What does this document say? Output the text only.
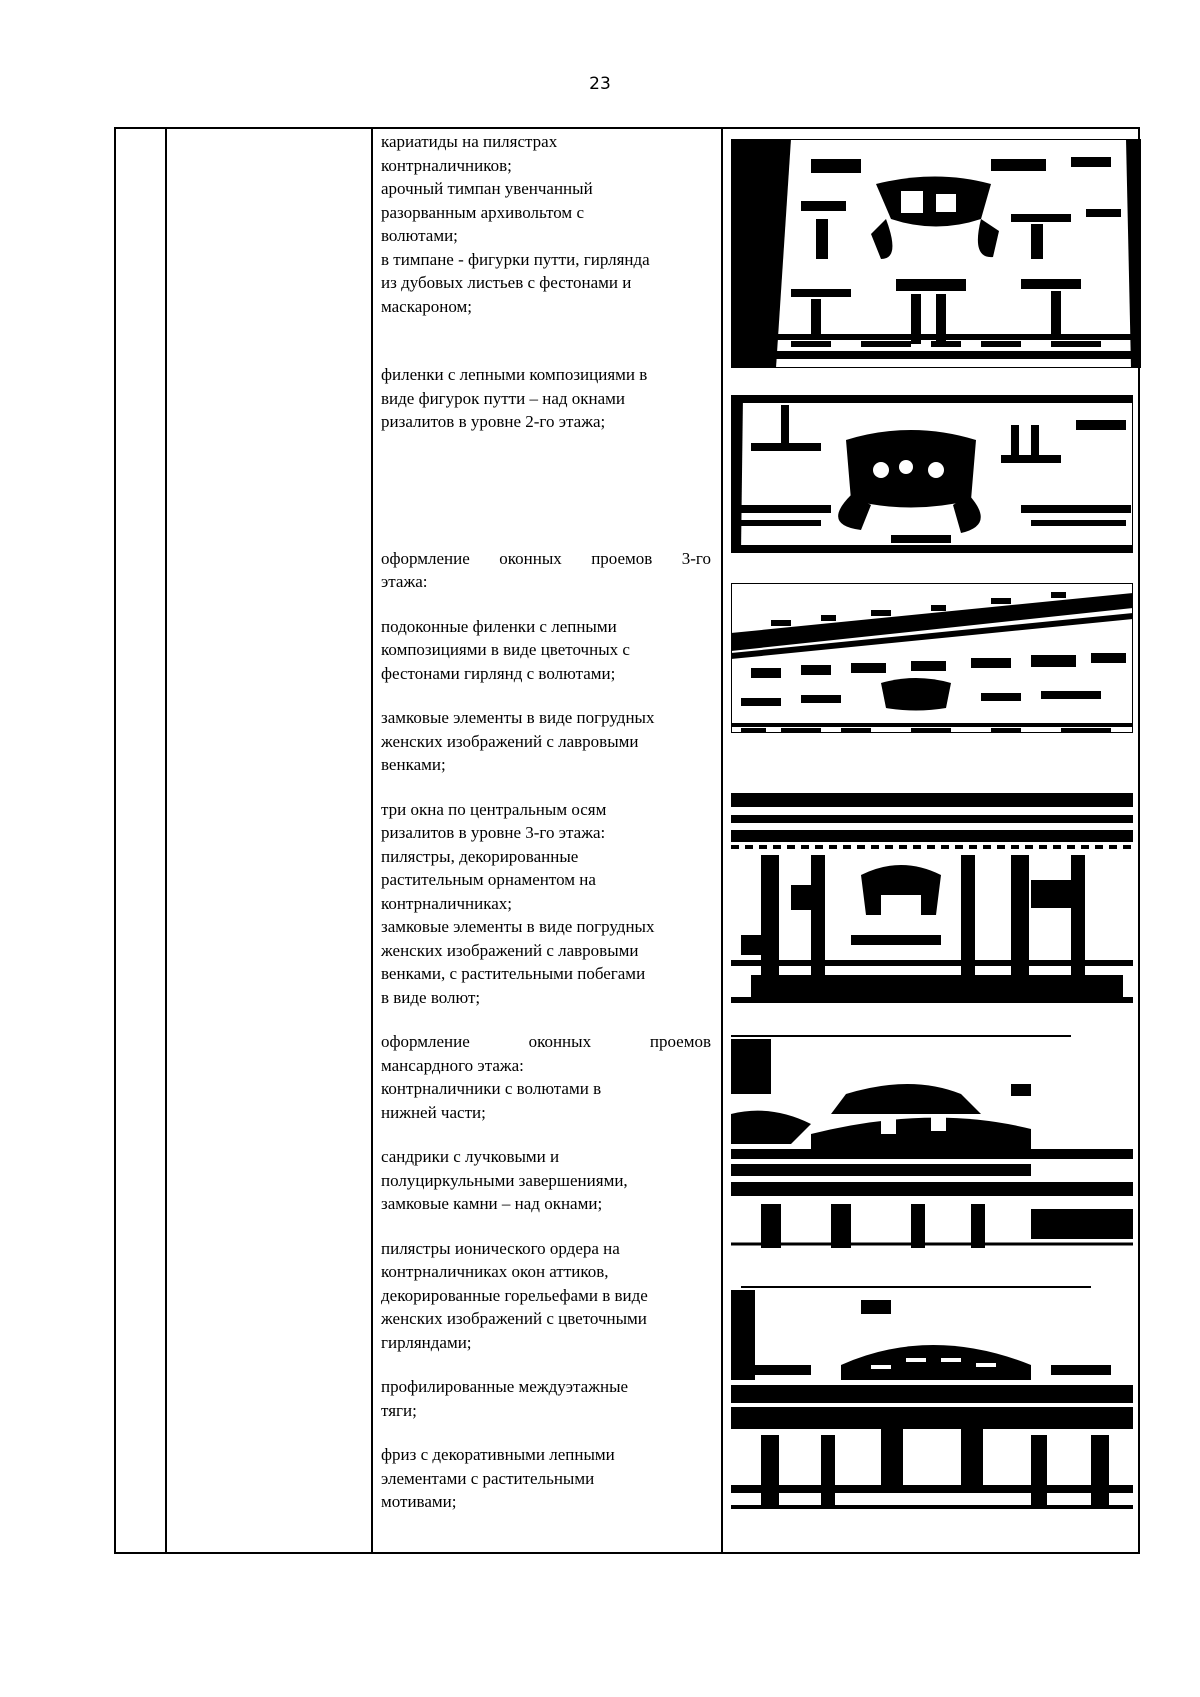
23

кариатиды на пилястрах
контрналичников;
арочный тимпан увенчанный
разорванным архивольтом с
волютами;
в тимпане - фигурки путти, гирлянда
из дубовых листьев с фестонами и
маскароном;

филенки с лепными композициями в
виде фигурок путти – над окнами
ризалитов в уровне 2-го этажа;

оформление оконных проемов 3-го

этажа:

подоконные филенки с лепными
композициями в виде цветочных с
фестонами гирлянд с волютами;

замковые элементы в виде погрудных
женских изображений с лавровыми
венками;

три окна по центральным осям
ризалитов в уровне 3-го этажа:
пилястры, декорированные
растительным орнаментом на
контрналичниках;
замковые элементы в виде погрудных
женских изображений с лавровыми
венками, с растительными побегами
в виде волют;

оформление	оконных	проемов

мансардного этажа:
контрналичники с волютами в
нижней части;

сандрики с лучковыми и
полуциркульными завершениями,
замковые камни – над окнами;

пилястры ионического ордера на
контрналичниках окон аттиков,
декорированные горельефами в виде
женских изображений с цветочными
гирляндами;

профилированные междуэтажные
тяги;

фриз с декоративными лепными
элементами с растительными
мотивами;
